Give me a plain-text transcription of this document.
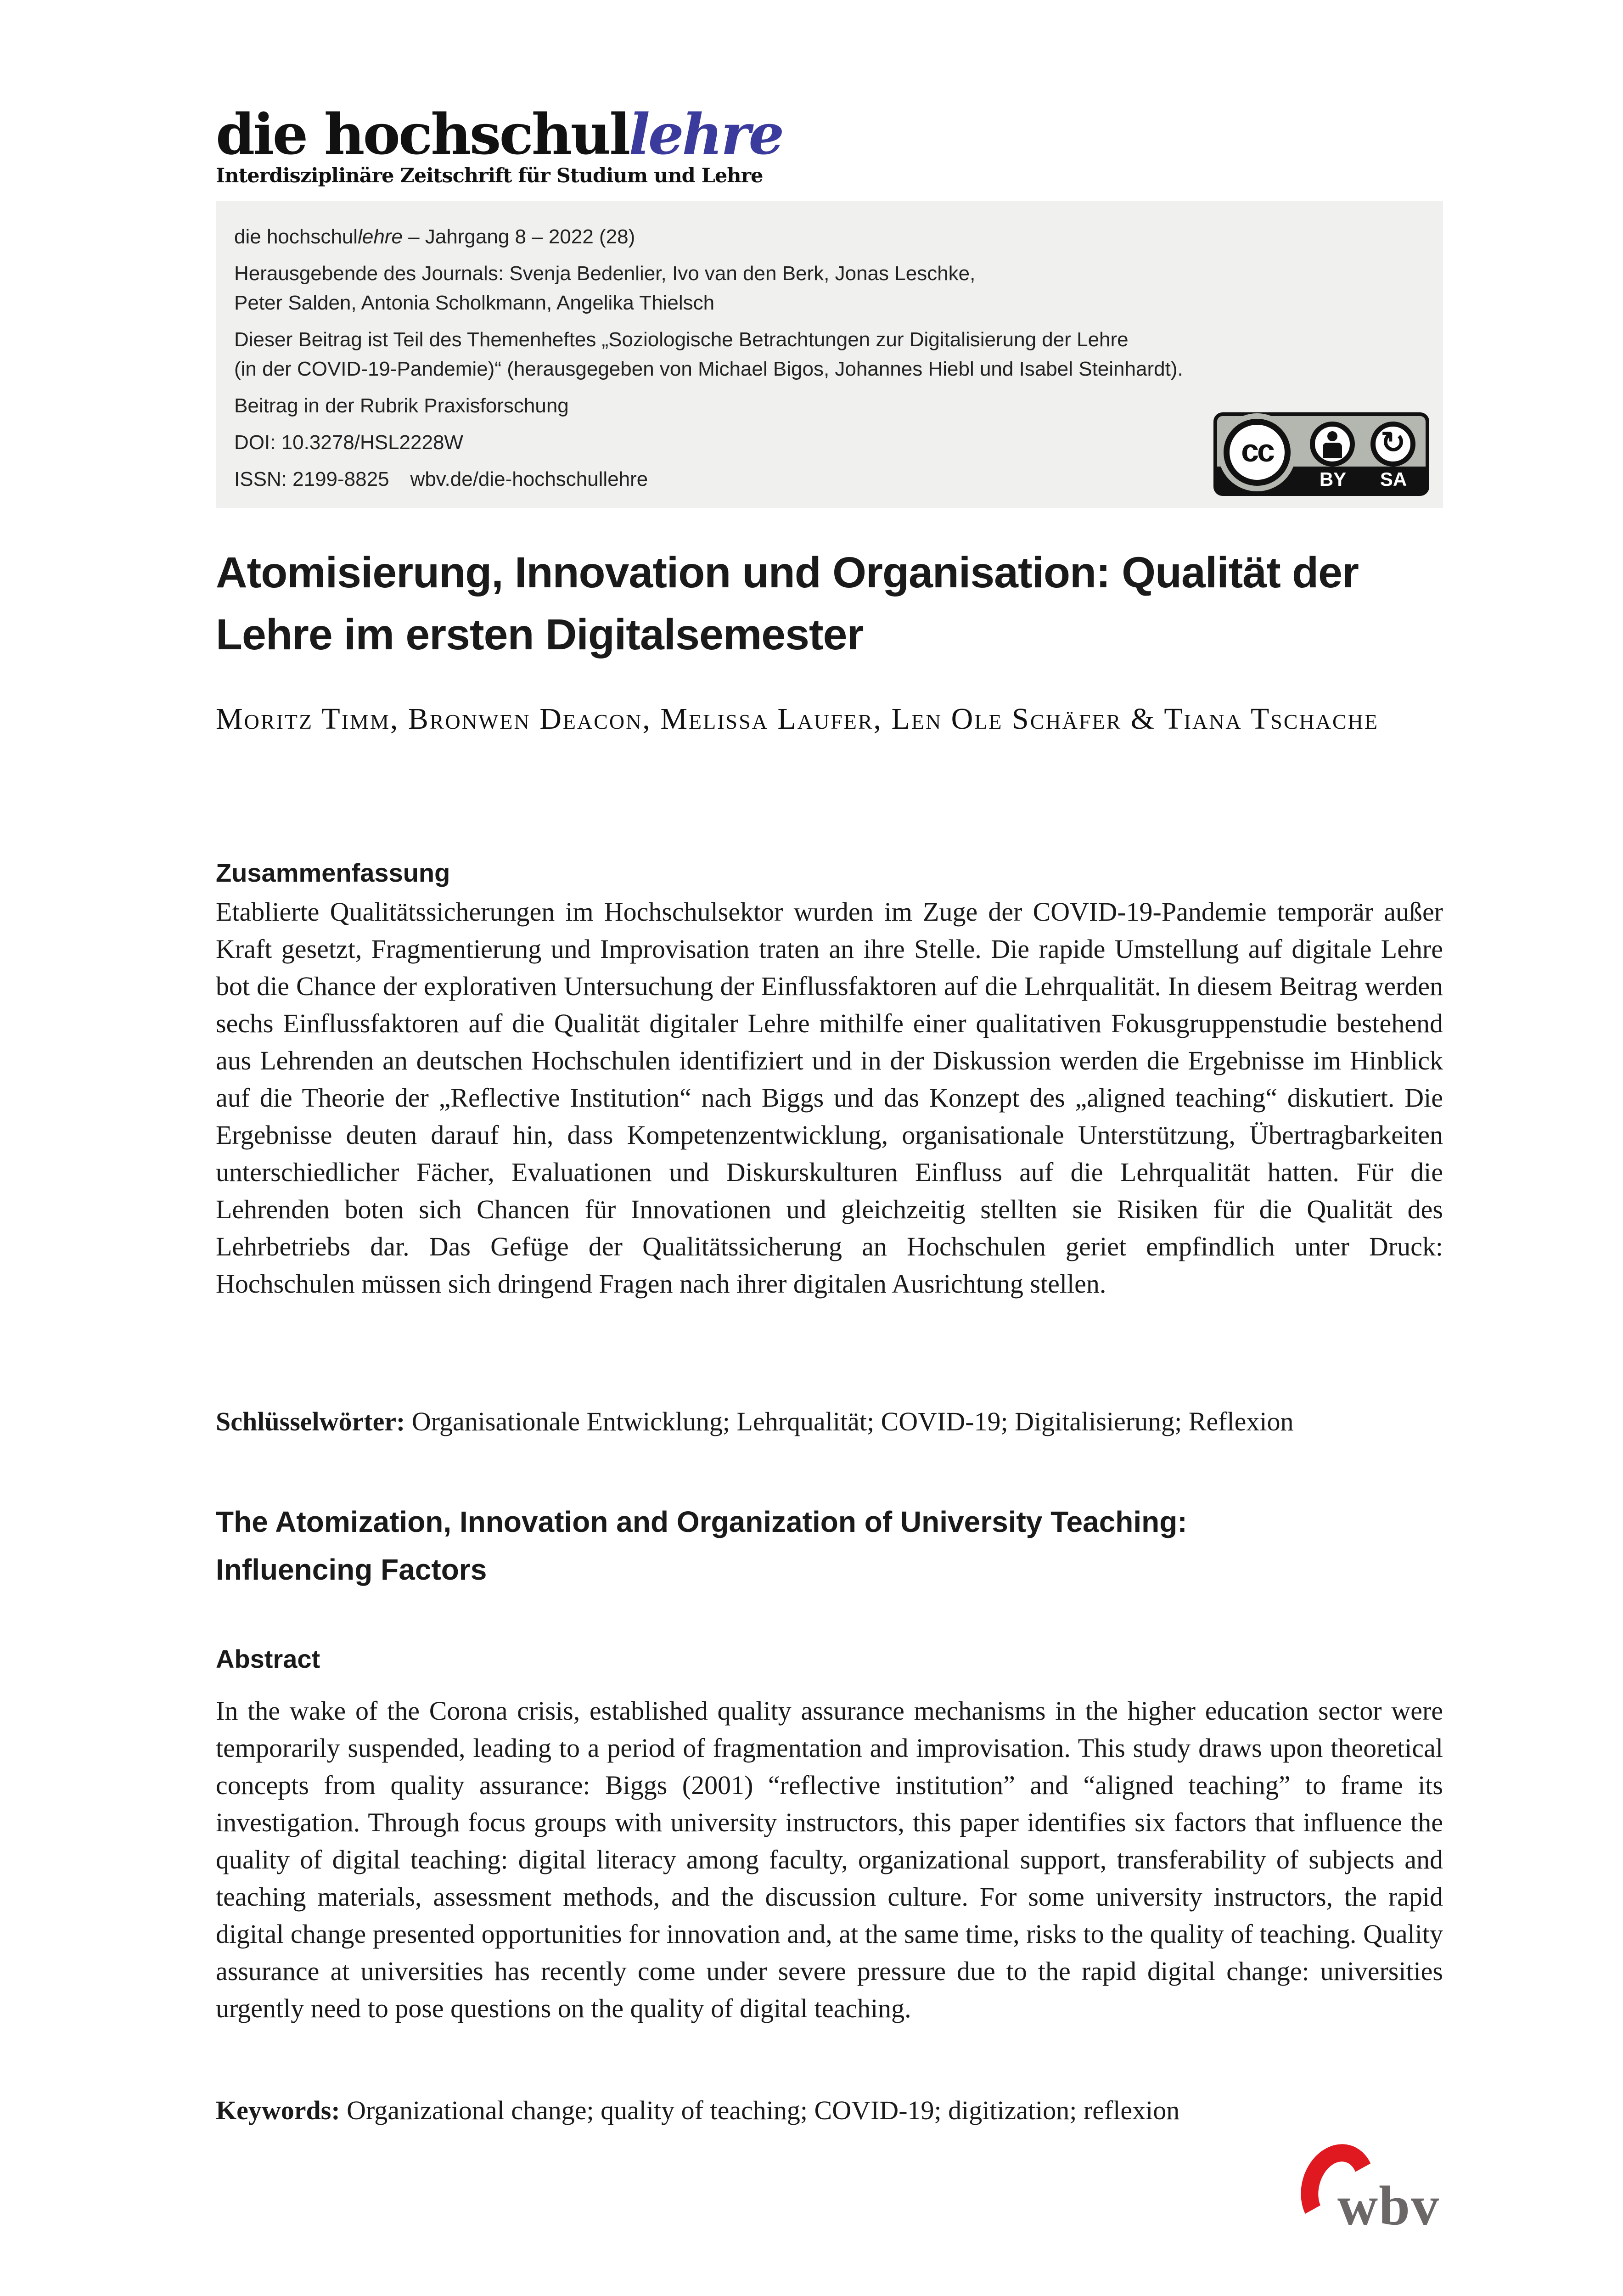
die hochschullehre
Interdisziplinäre Zeitschrift für Studium und Lehre
die hochschullehre – Jahrgang 8 – 2022 (28)
Herausgebende des Journals: Svenja Bedenlier, Ivo van den Berk, Jonas Leschke,
Peter Salden, Antonia Scholkmann, Angelika Thielsch
Dieser Beitrag ist Teil des Themenheftes „Soziologische Betrachtungen zur Digitalisierung der Lehre
(in der COVID-19-Pandemie)“ (herausgegeben von Michael Bigos, Johannes Hiebl und Isabel Steinhardt).
Beitrag in der Rubrik Praxisforschung
DOI: 10.3278/HSL2228W
ISSN: 2199-8825 wbv.de/die-hochschullehre
cc	↻
BY	SA
Atomisierung, Innovation und Organisation: Qualität der
Lehre im ersten Digitalsemester
Moritz Timm, Bronwen Deacon, Melissa Laufer, Len Ole Schäfer & Tiana Tschache
Zusammenfassung

Etablierte Qualitätssicherungen im Hochschulsektor wurden im Zuge der COVID-19-Pandemie temporär außer Kraft gesetzt, Fragmentierung und Improvisation traten an ihre Stelle. Die rapide Umstellung auf digitale Lehre bot die Chance der explorativen Untersuchung der Einflussfaktoren auf die Lehrqualität. In diesem Beitrag werden sechs Einflussfaktoren auf die Qualität digitaler Lehre mithilfe einer qualitativen Fokusgruppenstudie bestehend aus Lehrenden an deutschen Hochschulen identifiziert und in der Diskussion werden die Ergebnisse im Hinblick auf die Theorie der „Reflective Institution“ nach Biggs und das Konzept des „aligned teaching“ diskutiert. Die Ergebnisse deuten darauf hin, dass Kompetenzentwicklung, organisationale Unterstützung, Übertragbarkeiten unterschiedlicher Fächer, Evaluationen und Diskurskulturen Einfluss auf die Lehrqualität hatten. Für die Lehrenden boten sich Chancen für Innovationen und gleichzeitig stellten sie Risiken für die Qualität des Lehrbetriebs dar. Das Gefüge der Qualitätssicherung an Hochschulen geriet empfindlich unter Druck: Hochschulen müssen sich dringend Fragen nach ihrer digitalen Ausrichtung stellen.

Schlüsselwörter: Organisationale Entwicklung; Lehrqualität; COVID-19; Digitalisierung; Reflexion

The Atomization, Innovation and Organization of University Teaching:
Influencing Factors
Abstract

In the wake of the Corona crisis, established quality assurance mechanisms in the higher education sector were temporarily suspended, leading to a period of fragmentation and improvisation. This study draws upon theoretical concepts from quality assurance: Biggs (2001) “reflective institution” and “aligned teaching” to frame its investigation. Through focus groups with university instructors, this paper identifies six factors that influence the quality of digital teaching: digital literacy among faculty, organizational support, transferability of subjects and teaching materials, assessment methods, and the discussion culture. For some university instructors, the rapid digital change presented opportunities for innovation and, at the same time, risks to the quality of teaching. Quality assurance at universities has recently come under severe pressure due to the rapid digital change: universities urgently need to pose questions on the quality of digital teaching.

Keywords: Organizational change; quality of teaching; COVID-19; digitization; reflexion

wbv
